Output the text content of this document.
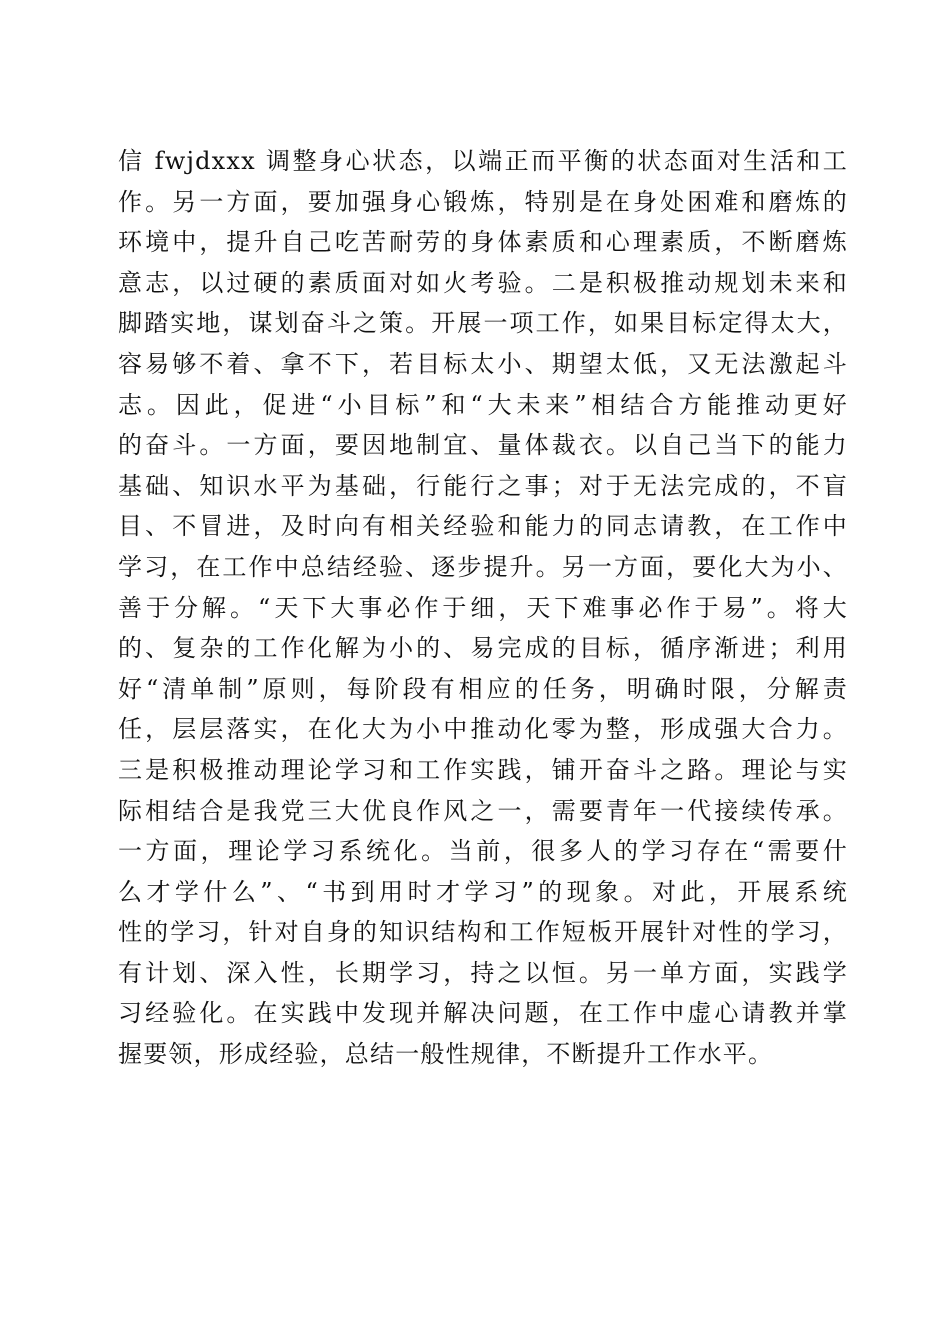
信 fwjdxxx 调整身心状态，以端正而平衡的状态面对生活和工
作。另一方面，要加强身心锻炼，特别是在身处困难和磨炼的
环境中，提升自己吃苦耐劳的身体素质和心理素质，不断磨炼
意志，以过硬的素质面对如火考验。二是积极推动规划未来和
脚踏实地，谋划奋斗之策。开展一项工作，如果目标定得太大，
容易够不着、拿不下，若目标太小、期望太低，又无法激起斗
志。因此，促进“小目标”和“大未来”相结合方能推动更好
的奋斗。一方面，要因地制宜、量体裁衣。以自己当下的能力
基础、知识水平为基础，行能行之事；对于无法完成的，不盲
目、不冒进，及时向有相关经验和能力的同志请教，在工作中
学习，在工作中总结经验、逐步提升。另一方面，要化大为小、
善于分解。“天下大事必作于细，天下难事必作于易”。将大
的、复杂的工作化解为小的、易完成的目标，循序渐进；利用
好“清单制”原则，每阶段有相应的任务，明确时限，分解责
任，层层落实，在化大为小中推动化零为整，形成强大合力。
三是积极推动理论学习和工作实践，铺开奋斗之路。理论与实
际相结合是我党三大优良作风之一，需要青年一代接续传承。
一方面，理论学习系统化。当前，很多人的学习存在“需要什
么才学什么”、“书到用时才学习”的现象。对此，开展系统
性的学习，针对自身的知识结构和工作短板开展针对性的学习，
有计划、深入性，长期学习，持之以恒。另一单方面，实践学
习经验化。在实践中发现并解决问题，在工作中虚心请教并掌
握要领，形成经验，总结一般性规律，不断提升工作水平。
